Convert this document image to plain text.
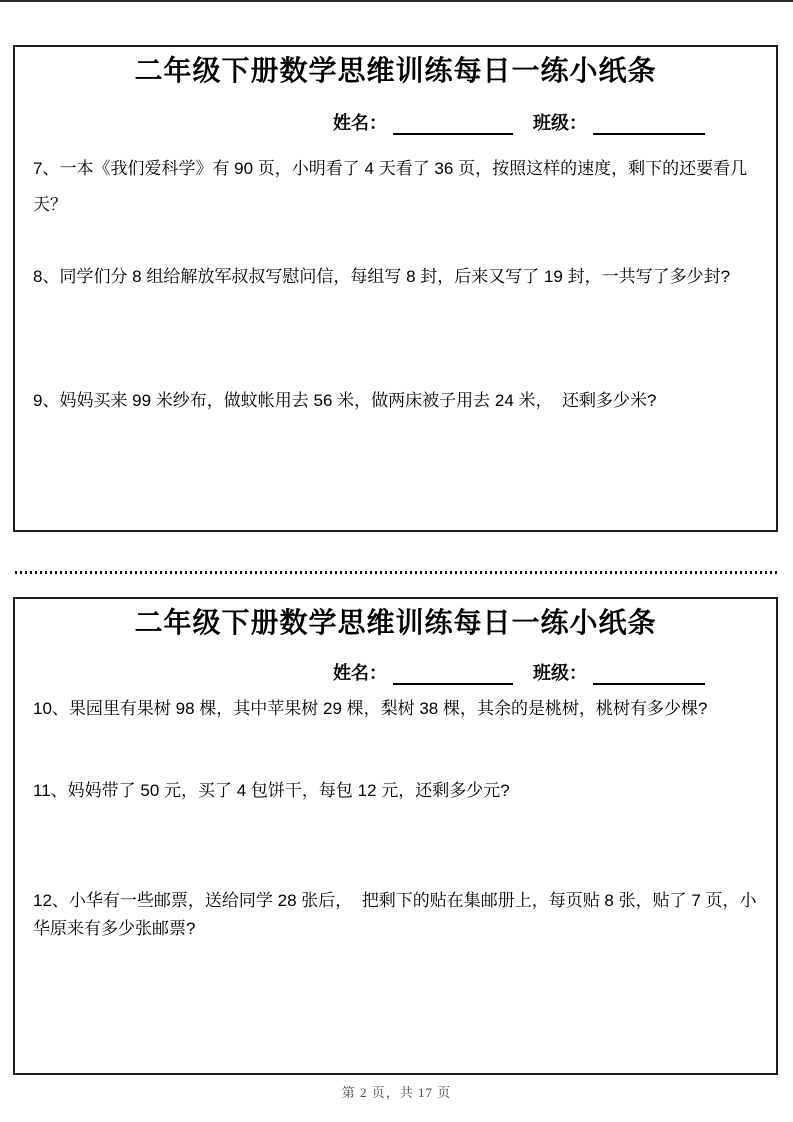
二年级下册数学思维训练每日一练小纸条
姓名：	班级：
7、一本《我们爱科学》有 90 页，小明看了 4 天看了 36 页，按照这样的速度，剩下的还要看几天？
8、同学们分 8 组给解放军叔叔写慰问信，每组写 8 封，后来又写了 19 封，一共写了多少封?
9、妈妈买来 99 米纱布，做蚊帐用去 56 米，做两床被子用去 24 米，  还剩多少米?
二年级下册数学思维训练每日一练小纸条
姓名：	班级：
10、果园里有果树 98 棵，其中苹果树 29 棵，梨树 38 棵，其余的是桃树，桃树有多少棵?
11、妈妈带了 50 元，买了 4 包饼干，每包 12 元，还剩多少元?
12、小华有一些邮票，送给同学 28 张后，  把剩下的贴在集邮册上，每页贴 8 张，贴了 7 页，小华原来有多少张邮票?
第 2 页，共 17 页
